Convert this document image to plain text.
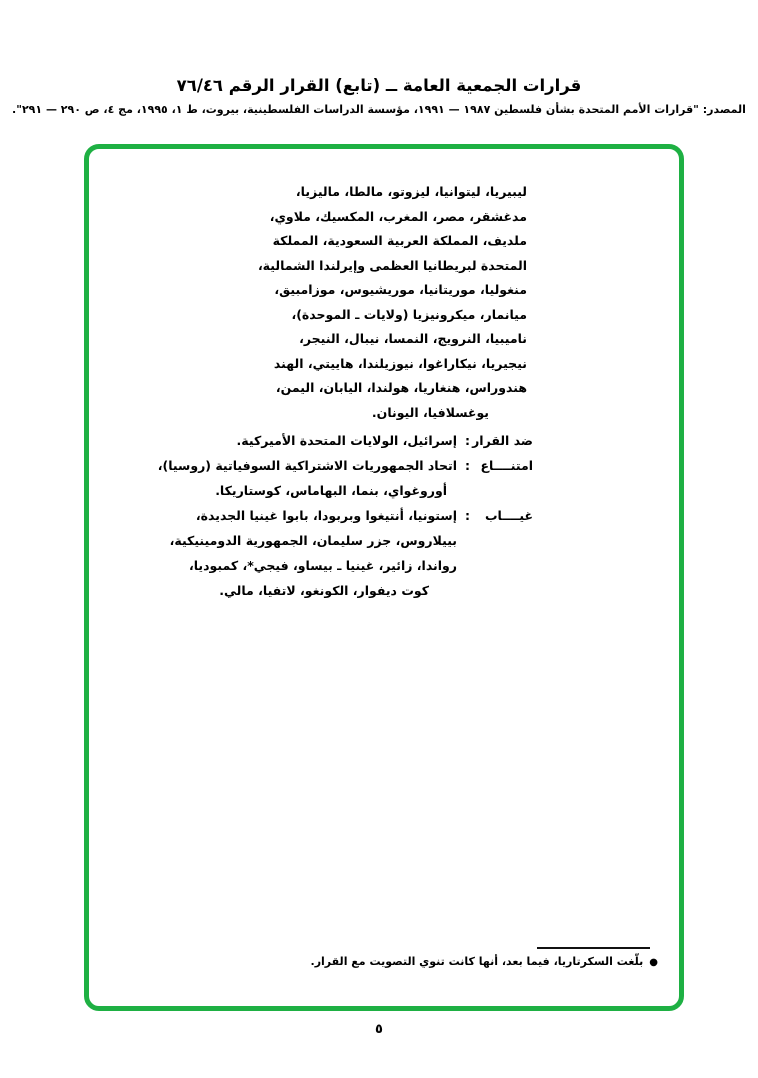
قرارات الجمعية العامة ــ (تابع) القرار الرقم ٧٦/٤٦
المصدر: "قرارات الأمم المتحدة بشأن فلسطين ١٩٨٧ — ١٩٩١، مؤسسة الدراسات الفلسطينية، بيروت، ط ١، ١٩٩٥، مج ٤، ص ٢٩٠ — ٢٩١".
ليبيريا، ليتوانيا، ليزوتو، مالطا، ماليزيا،
مدغشقر، مصر، المغرب، المكسيك، ملاوي،
ملديف، المملكة العربية السعودية، المملكة
المتحدة لبريطانيا العظمى وإيرلندا الشمالية،
منغوليا، موريتانيا، موريشيوس، موزامبيق،
ميانمار، ميكرونيزيا (ولايات ـ الموحدة)،
ناميبيا، النرويج، النمسا، نيبال، النيجر،
نيجيريا، نيكاراغوا، نيوزيلندا، هاييتي، الهند
هندوراس، هنغاريا، هولندا، اليابان، اليمن،
يوغسلافيا، اليونان.
ضد القرار
:
إسرائيل، الولايات المتحدة الأميركية.
امتنــــاع
:
اتحاد الجمهوريات الاشتراكية السوفياتية (روسيا)،
أوروغواي، بنما، البهاماس، كوستاريكا.
غيــــاب
:
إستونيا، أنتيغوا وبربودا، بابوا غينيا الجديدة،
بييلاروس، جزر سليمان، الجمهورية الدومينيكية،
رواندا، زائير، غينيا ـ بيساو، فيجي*، كمبوديا،
كوت ديفوار، الكونغو، لاتفيا، مالي.
●بلّغت السكرتاريا، فيما بعد، أنها كانت تنوي التصويت مع القرار.
٥
